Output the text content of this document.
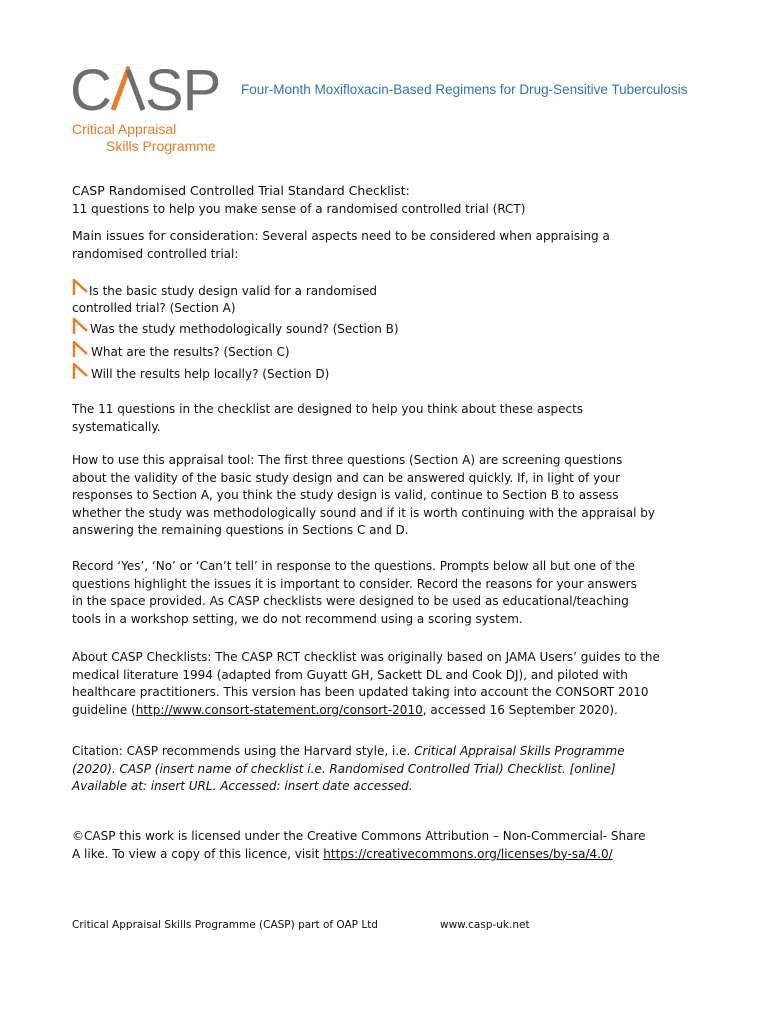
C SP
Critical Appraisal
Skills Programme
Four-Month Moxifloxacin-Based Regimens for Drug-Sensitive Tuberculosis
CASP Randomised Controlled Trial Standard Checklist:
11 questions to help you make sense of a randomised controlled trial (RCT)
Main issues for consideration: Several aspects need to be considered when appraising a
randomised controlled trial:
Is the basic study design valid for a randomised
controlled trial? (Section A)
Was the study methodologically sound? (Section B)
What are the results? (Section C)
Will the results help locally? (Section D)
The 11 questions in the checklist are designed to help you think about these aspects
systematically.
How to use this appraisal tool: The first three questions (Section A) are screening questions
about the validity of the basic study design and can be answered quickly. If, in light of your
responses to Section A, you think the study design is valid, continue to Section B to assess
whether the study was methodologically sound and if it is worth continuing with the appraisal by
answering the remaining questions in Sections C and D.
Record ‘Yes’, ‘No’ or ‘Can’t tell’ in response to the questions. Prompts below all but one of the
questions highlight the issues it is important to consider. Record the reasons for your answers
in the space provided. As CASP checklists were designed to be used as educational/teaching
tools in a workshop setting, we do not recommend using a scoring system.
About CASP Checklists: The CASP RCT checklist was originally based on JAMA Users’ guides to the
medical literature 1994 (adapted from Guyatt GH, Sackett DL and Cook DJ), and piloted with
healthcare practitioners. This version has been updated taking into account the CONSORT 2010
guideline (http://www.consort-statement.org/consort-2010, accessed 16 September 2020).
Citation: CASP recommends using the Harvard style, i.e. Critical Appraisal Skills Programme
(2020). CASP (insert name of checklist i.e. Randomised Controlled Trial) Checklist. [online]
Available at: insert URL. Accessed: insert date accessed.
©CASP this work is licensed under the Creative Commons Attribution – Non-Commercial- Share
A like. To view a copy of this licence, visit https://creativecommons.org/licenses/by-sa/4.0/
Critical Appraisal Skills Programme (CASP) part of OAP Ltd	www.casp-uk.net
